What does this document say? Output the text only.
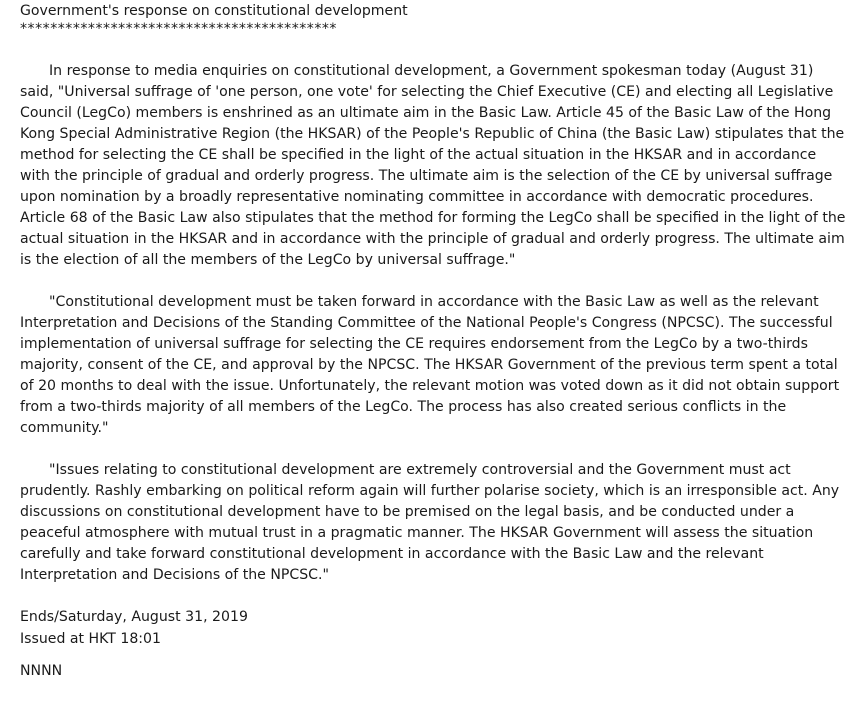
Government's response on constitutional development

******************************************

In response to media enquiries on constitutional development, a Government spokesman today (August 31) said, "Universal suffrage of 'one person, one vote' for selecting the Chief Executive (CE) and electing all Legislative Council (LegCo) members is enshrined as an ultimate aim in the Basic Law. Article 45 of the Basic Law of the Hong Kong Special Administrative Region (the HKSAR) of the People's Republic of China (the Basic Law) stipulates that the method for selecting the CE shall be specified in the light of the actual situation in the HKSAR and in accordance with the principle of gradual and orderly progress. The ultimate aim is the selection of the CE by universal suffrage upon nomination by a broadly representative nominating committee in accordance with democratic procedures. Article 68 of the Basic Law also stipulates that the method for forming the LegCo shall be specified in the light of the actual situation in the HKSAR and in accordance with the principle of gradual and orderly progress. The ultimate aim is the election of all the members of the LegCo by universal suffrage."

"Constitutional development must be taken forward in accordance with the Basic Law as well as the relevant Interpretation and Decisions of the Standing Committee of the National People's Congress (NPCSC). The successful implementation of universal suffrage for selecting the CE requires endorsement from the LegCo by a two-thirds majority, consent of the CE, and approval by the NPCSC. The HKSAR Government of the previous term spent a total of 20 months to deal with the issue. Unfortunately, the relevant motion was voted down as it did not obtain support from a two-thirds majority of all members of the LegCo. The process has also created serious conflicts in the community."

"Issues relating to constitutional development are extremely controversial and the Government must act prudently. Rashly embarking on political reform again will further polarise society, which is an irresponsible act. Any discussions on constitutional development have to be premised on the legal basis, and be conducted under a peaceful atmosphere with mutual trust in a pragmatic manner. The HKSAR Government will assess the situation carefully and take forward constitutional development in accordance with the Basic Law and the relevant Interpretation and Decisions of the NPCSC."

Ends/Saturday, August 31, 2019

Issued at HKT 18:01

NNNN
